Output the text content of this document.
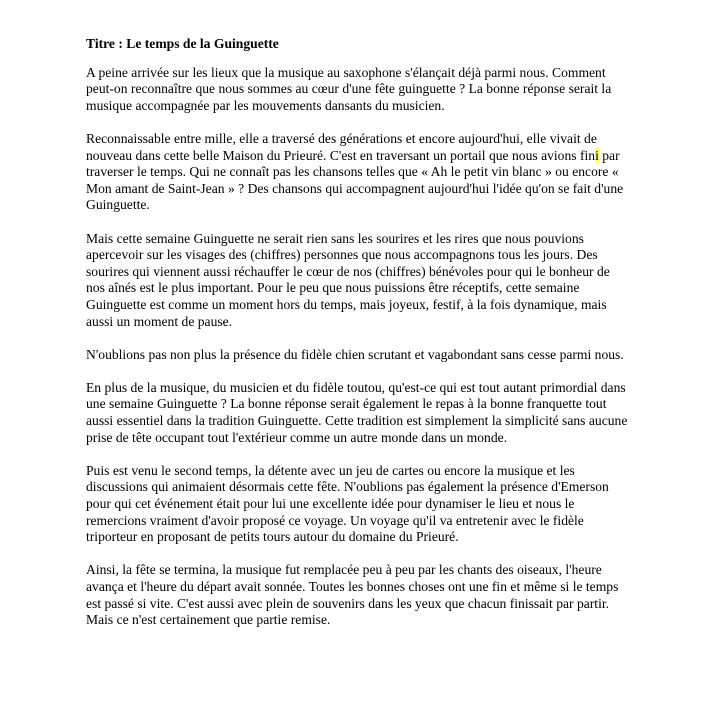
Titre : Le temps de la Guinguette

A peine arrivée sur les lieux que la musique au saxophone s'élançait déjà parmi nous. Comment peut-on reconnaître que nous sommes au cœur d'une fête guinguette ? La bonne réponse serait la musique accompagnée par les mouvements dansants du musicien.

Reconnaissable entre mille, elle a traversé des générations et encore aujourd'hui, elle vivait de nouveau dans cette belle Maison du Prieuré. C'est en traversant un portail que nous avions fini par traverser le temps. Qui ne connaît pas les chansons telles que « Ah le petit vin blanc » ou encore « Mon amant de Saint-Jean » ? Des chansons qui accompagnent aujourd'hui l'idée qu'on se fait d'une Guinguette.

Mais cette semaine Guinguette ne serait rien sans les sourires et les rires que nous pouvions apercevoir sur les visages des (chiffres) personnes que nous accompagnons tous les jours. Des sourires qui viennent aussi réchauffer le cœur de nos (chiffres) bénévoles pour qui le bonheur de nos aînés est le plus important. Pour le peu que nous puissions être réceptifs, cette semaine Guinguette est comme un moment hors du temps, mais joyeux, festif, à la fois dynamique, mais aussi un moment de pause.

N'oublions pas non plus la présence du fidèle chien scrutant et vagabondant sans cesse parmi nous.

En plus de la musique, du musicien et du fidèle toutou, qu'est-ce qui est tout autant primordial dans une semaine Guinguette ? La bonne réponse serait également le repas à la bonne franquette tout aussi essentiel dans la tradition Guinguette. Cette tradition est simplement la simplicité sans aucune prise de tête occupant tout l'extérieur comme un autre monde dans un monde.

Puis est venu le second temps, la détente avec un jeu de cartes ou encore la musique et les discussions qui animaient désormais cette fête. N'oublions pas également la présence d'Emerson pour qui cet événement était pour lui une excellente idée pour dynamiser le lieu et nous le remercions vraiment d'avoir proposé ce voyage. Un voyage qu'il va entretenir avec le fidèle triporteur en proposant de petits tours autour du domaine du Prieuré.

Ainsi, la fête se termina, la musique fut remplacée peu à peu par les chants des oiseaux, l'heure avança et l'heure du départ avait sonnée. Toutes les bonnes choses ont une fin et même si le temps est passé si vite. C'est aussi avec plein de souvenirs dans les yeux que chacun finissait par partir. Mais ce n'est certainement que partie remise.
